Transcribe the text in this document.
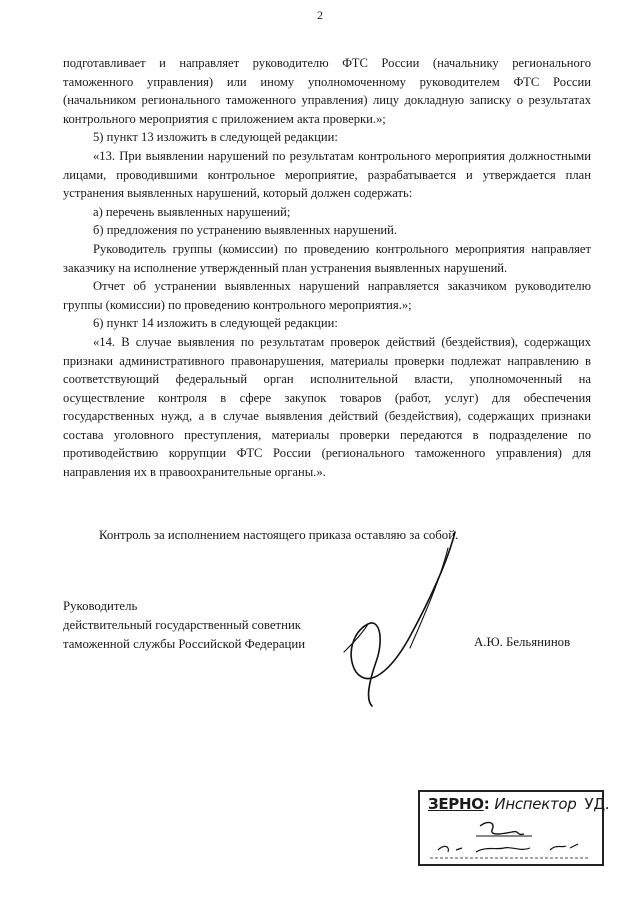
2

подготавливает и направляет руководителю ФТС России (начальнику регионального таможенного управления) или иному уполномоченному руководителем ФТС России (начальником регионального таможенного управления) лицу докладную записку о результатах контрольного мероприятия с приложением акта проверки.»;

5) пункт 13 изложить в следующей редакции:

«13. При выявлении нарушений по результатам контрольного мероприятия должностными лицами, проводившими контрольное мероприятие, разрабатывается и утверждается план устранения выявленных нарушений, который должен содержать:

а) перечень выявленных нарушений;

б) предложения по устранению выявленных нарушений.

Руководитель группы (комиссии) по проведению контрольного мероприятия направляет заказчику на исполнение утвержденный план устранения выявленных нарушений.

Отчет об устранении выявленных нарушений направляется заказчиком руководителю группы (комиссии) по проведению контрольного мероприятия.»;

6) пункт 14 изложить в следующей редакции:

«14. В случае выявления по результатам проверок действий (бездействия), содержащих признаки административного правонарушения, материалы проверки подлежат направлению в соответствующий федеральный орган исполнительной власти, уполномоченный на осуществление контроля в сфере закупок товаров (работ, услуг) для обеспечения государственных нужд, а в случае выявления действий (бездействия), содержащих признаки состава уголовного преступления, материалы проверки передаются в подразделение по противодействию коррупции ФТС России (регионального таможенного управления) для направления их в правоохранительные органы.».

Контроль за исполнением настоящего приказа оставляю за собой.
Руководитель
действительный государственный советник
таможенной службы Российской Федерации	А.Ю. Бельянинов
ЗЕРНО: Инспектор УД.
